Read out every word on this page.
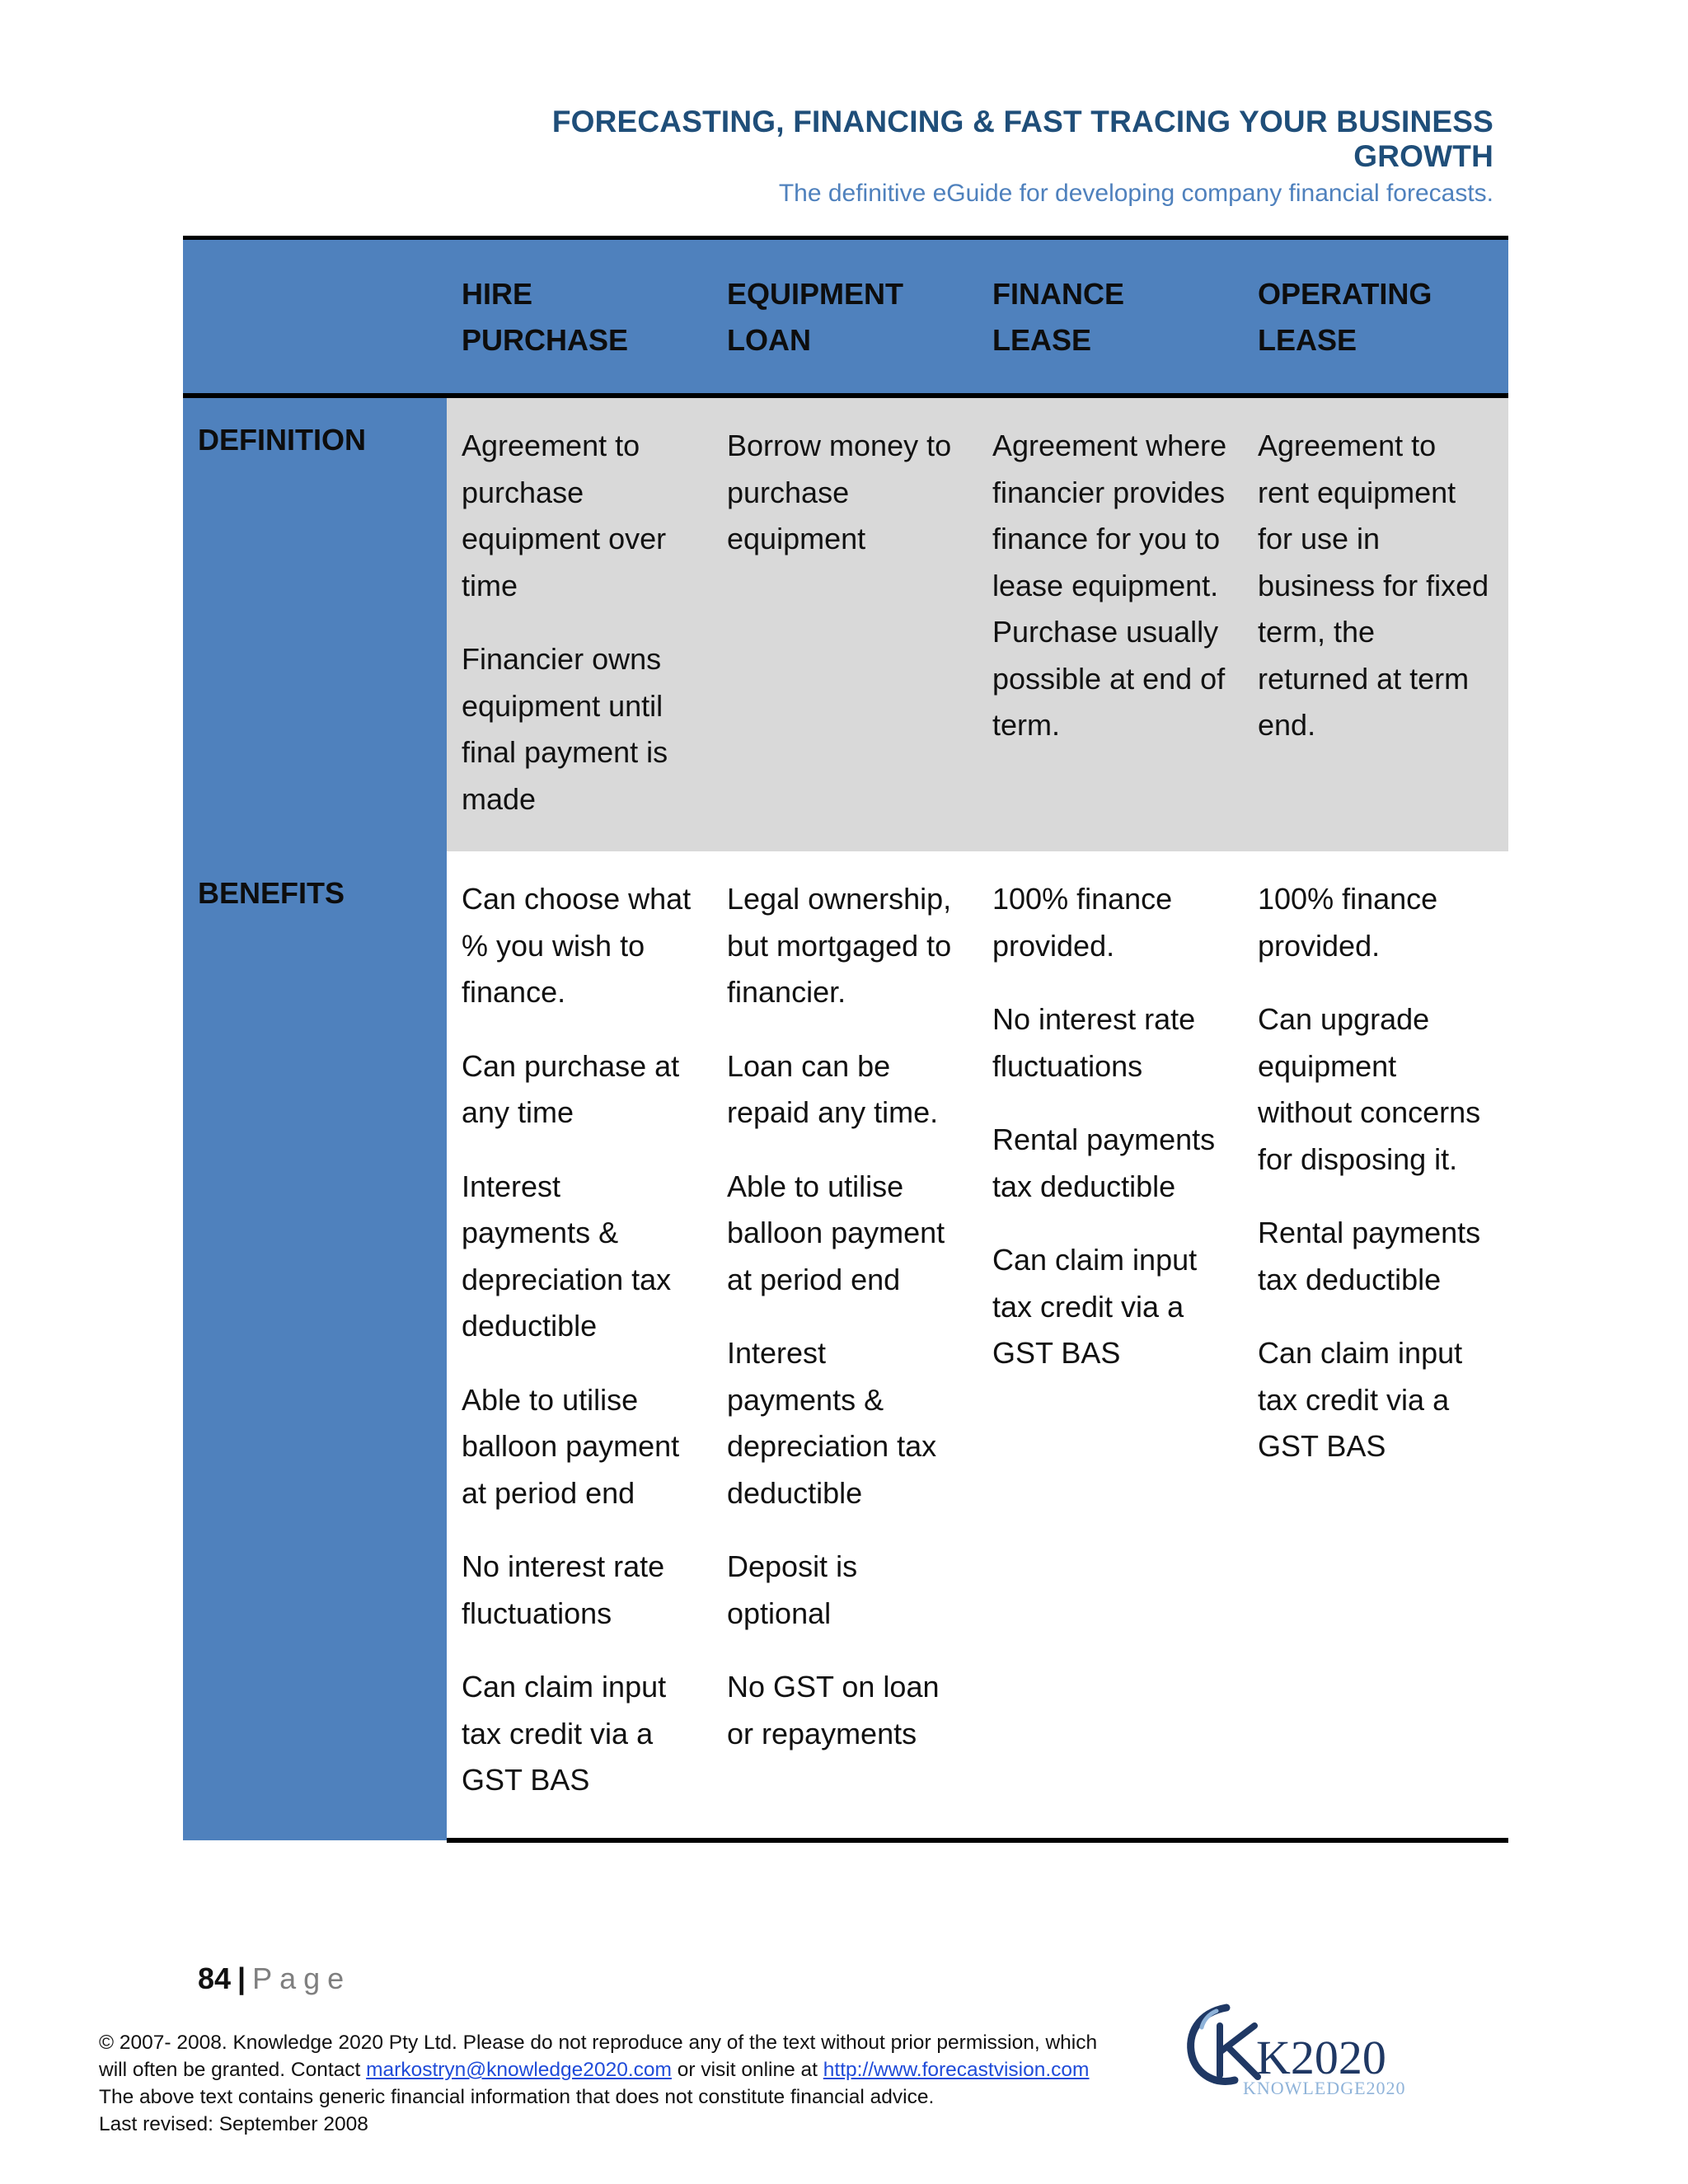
FORECASTING, FINANCING & FAST TRACING YOUR BUSINESS GROWTH
The definitive eGuide for developing company financial forecasts.
HIRE PURCHASE
EQUIPMENT LOAN
FINANCE LEASE
OPERATING LEASE
DEFINITION	Agreement to purchase equipment over time

Financier owns equipment until final payment is made

Borrow money to purchase equipment

Agreement where financier provides finance for you to lease equipment. Purchase usually possible at end of term.

Agreement to rent equipment for use in business for fixed term, the returned at term end.

BENEFITS	Can choose what % you wish to finance.

Can purchase at any time

Interest payments & depreciation tax deductible

Able to utilise balloon payment at period end

No interest rate fluctuations

Can claim input tax credit via a GST BAS

Legal ownership, but mortgaged to financier.

Loan can be repaid any time.

Able to utilise balloon payment at period end

Interest payments & depreciation tax deductible

Deposit is optional

No GST on loan or repayments

100% finance provided.

No interest rate fluctuations

Rental payments tax deductible

Can claim input tax credit via a GST BAS

100% finance provided.

Can upgrade equipment without concerns for disposing it.

Rental payments tax deductible

Can claim input tax credit via a GST BAS

84 | Page
© 2007- 2008. Knowledge 2020 Pty Ltd. Please do not reproduce any of the text without prior permission, which
will often be granted. Contact markostryn@knowledge2020.com or visit online at http://www.forecastvision.com
The above text contains generic financial information that does not constitute financial advice.
Last revised: September 2008
K2020
KNOWLEDGE2020
